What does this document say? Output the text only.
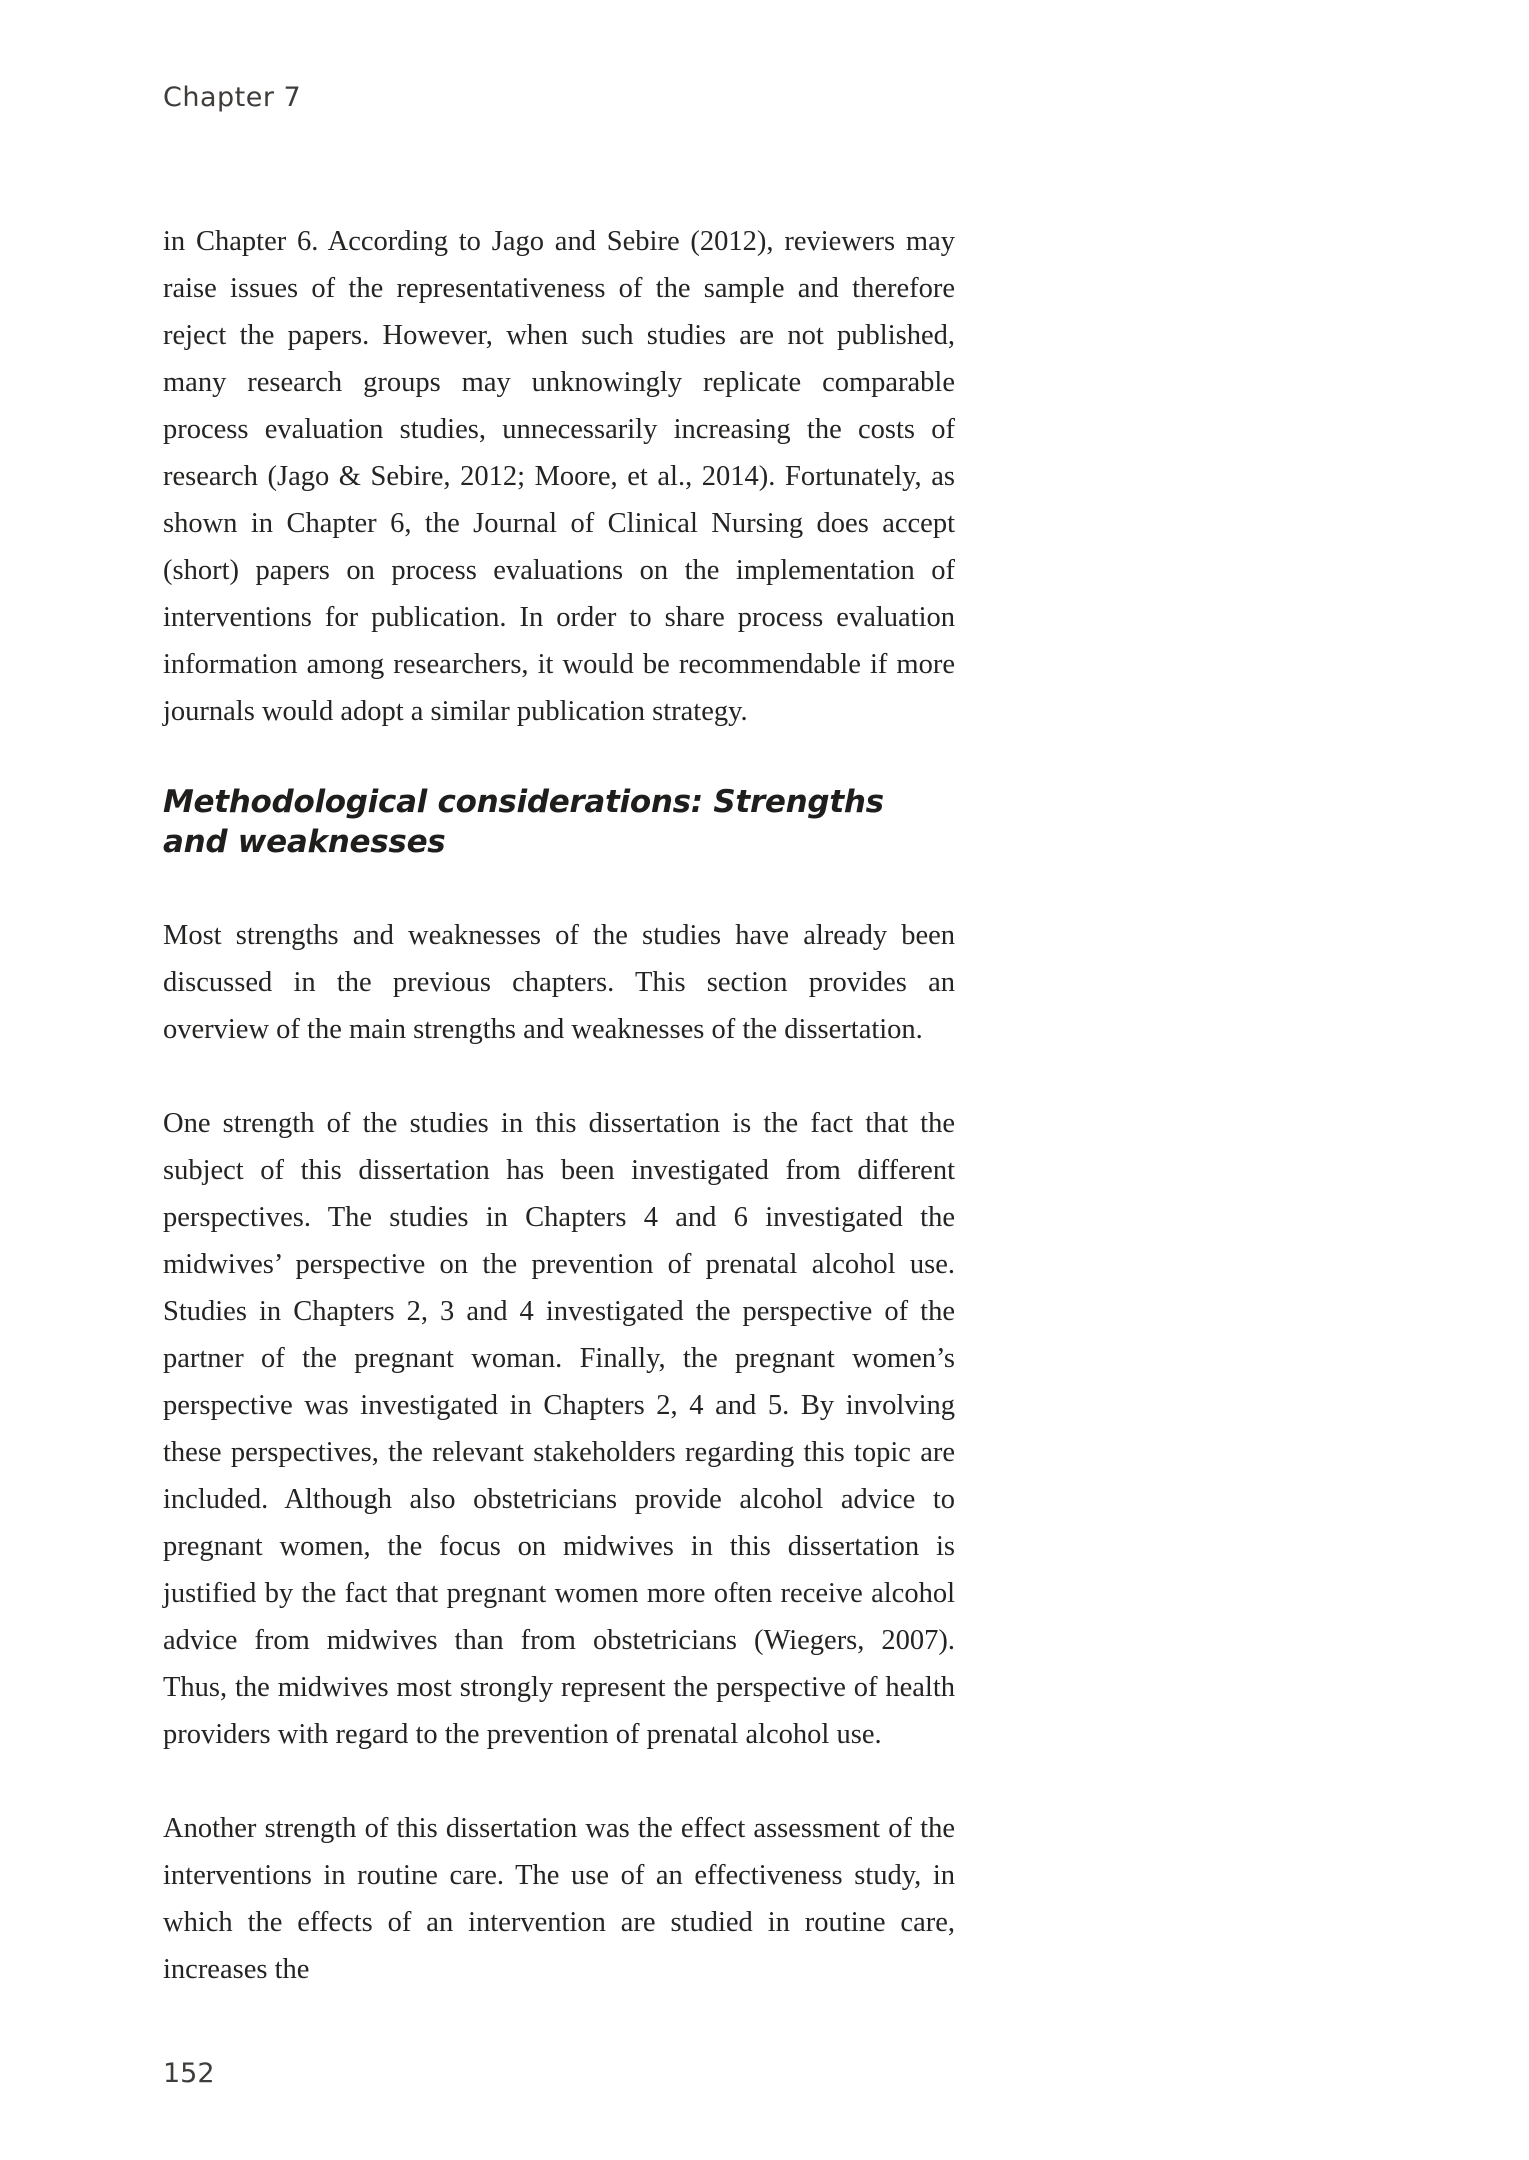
Chapter 7

in Chapter 6. According to Jago and Sebire (2012), reviewers may raise issues of the representativeness of the sample and therefore reject the papers. However, when such studies are not published, many research groups may unknowingly replicate comparable process evaluation studies, unnecessarily increasing the costs of research (Jago & Sebire, 2012; Moore, et al., 2014). Fortunately, as shown in Chapter 6, the Journal of Clinical Nursing does accept (short) papers on process evaluations on the implementation of interventions for publication. In order to share process evaluation information among researchers, it would be recommendable if more journals would adopt a similar publication strategy.

Methodological considerations: Strengths and weaknesses

Most strengths and weaknesses of the studies have already been discussed in the previous chapters. This section provides an overview of the main strengths and weaknesses of the dissertation.

One strength of the studies in this dissertation is the fact that the subject of this dissertation has been investigated from different perspectives. The studies in Chapters 4 and 6 investigated the midwives’ perspective on the prevention of prenatal alcohol use. Studies in Chapters 2, 3 and 4 investigated the perspective of the partner of the pregnant woman. Finally, the pregnant women’s perspective was investigated in Chapters 2, 4 and 5. By involving these perspectives, the relevant stakeholders regarding this topic are included. Although also obstetricians provide alcohol advice to pregnant women, the focus on midwives in this dissertation is justified by the fact that pregnant women more often receive alcohol advice from midwives than from obstetricians (Wiegers, 2007). Thus, the midwives most strongly represent the perspective of health providers with regard to the prevention of prenatal alcohol use.

Another strength of this dissertation was the effect assessment of the interventions in routine care. The use of an effectiveness study, in which the effects of an intervention are studied in routine care, increases the

152
